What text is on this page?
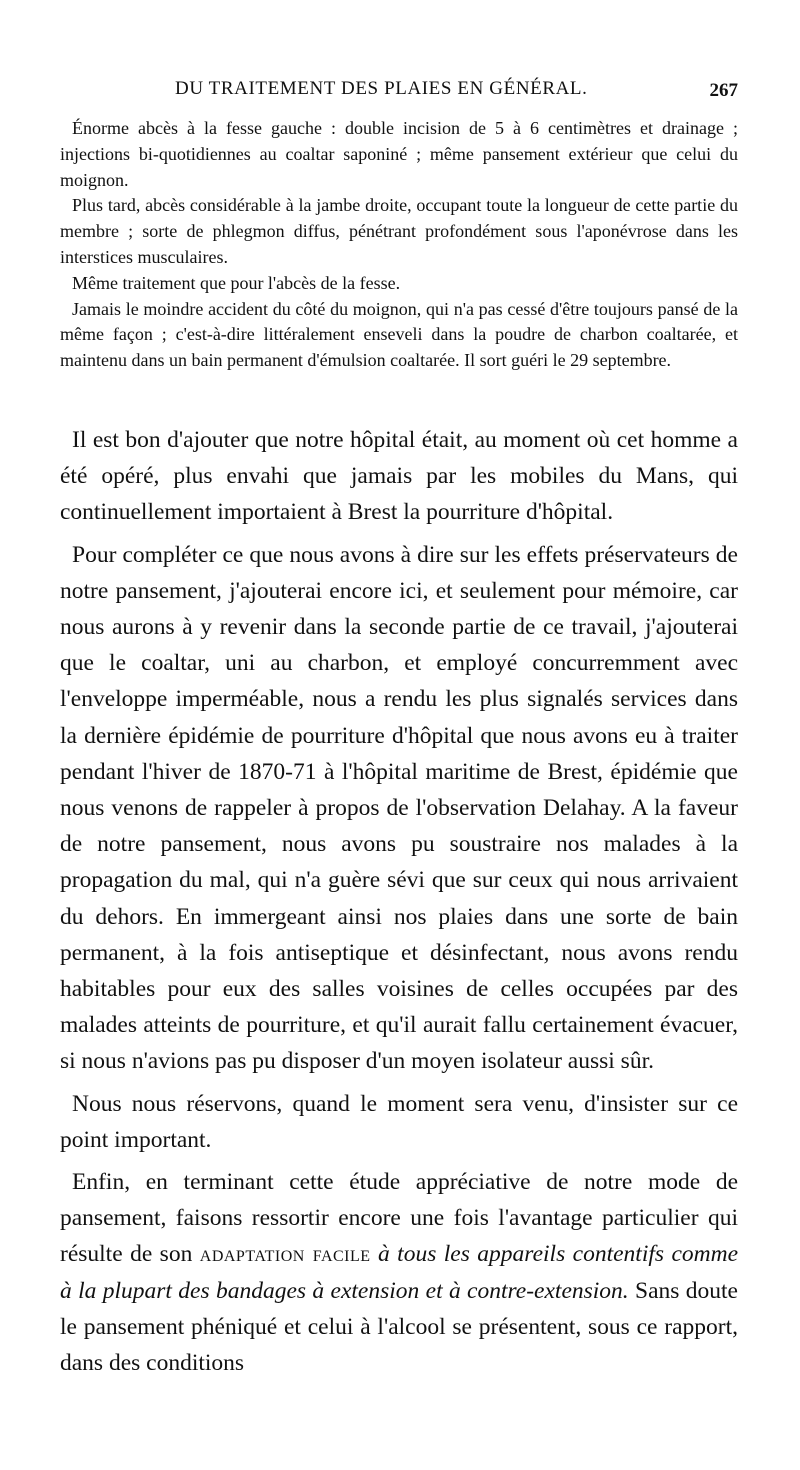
DU TRAITEMENT DES PLAIES EN GÉNÉRAL.	267

Énorme abcès à la fesse gauche : double incision de 5 à 6 centimètres et drainage ; injections bi-quotidiennes au coaltar saponiné ; même pansement extérieur que celui du moignon.

Plus tard, abcès considérable à la jambe droite, occupant toute la longueur de cette partie du membre ; sorte de phlegmon diffus, pénétrant profondément sous l'aponévrose dans les interstices musculaires.

Même traitement que pour l'abcès de la fesse.

Jamais le moindre accident du côté du moignon, qui n'a pas cessé d'être toujours pansé de la même façon ; c'est-à-dire littéralement enseveli dans la poudre de charbon coaltarée, et maintenu dans un bain permanent d'émulsion coaltarée. Il sort guéri le 29 septembre.

Il est bon d'ajouter que notre hôpital était, au moment où cet homme a été opéré, plus envahi que jamais par les mobiles du Mans, qui continuellement importaient à Brest la pourriture d'hôpital.

Pour compléter ce que nous avons à dire sur les effets préservateurs de notre pansement, j'ajouterai encore ici, et seulement pour mémoire, car nous aurons à y revenir dans la seconde partie de ce travail, j'ajouterai que le coaltar, uni au charbon, et employé concurremment avec l'enveloppe imperméable, nous a rendu les plus signalés services dans la dernière épidémie de pourriture d'hôpital que nous avons eu à traiter pendant l'hiver de 1870-71 à l'hôpital maritime de Brest, épidémie que nous venons de rappeler à propos de l'observation Delahay. A la faveur de notre pansement, nous avons pu soustraire nos malades à la propagation du mal, qui n'a guère sévi que sur ceux qui nous arrivaient du dehors. En immergeant ainsi nos plaies dans une sorte de bain permanent, à la fois antiseptique et désinfectant, nous avons rendu habitables pour eux des salles voisines de celles occupées par des malades atteints de pourriture, et qu'il aurait fallu certainement évacuer, si nous n'avions pas pu disposer d'un moyen isolateur aussi sûr.

Nous nous réservons, quand le moment sera venu, d'insister sur ce point important.

Enfin, en terminant cette étude appréciative de notre mode de pansement, faisons ressortir encore une fois l'avantage particulier qui résulte de son adaptation facile à tous les appareils contentifs comme à la plupart des bandages à extension et à contre-extension. Sans doute le pansement phéniqué et celui à l'alcool se présentent, sous ce rapport, dans des conditions
